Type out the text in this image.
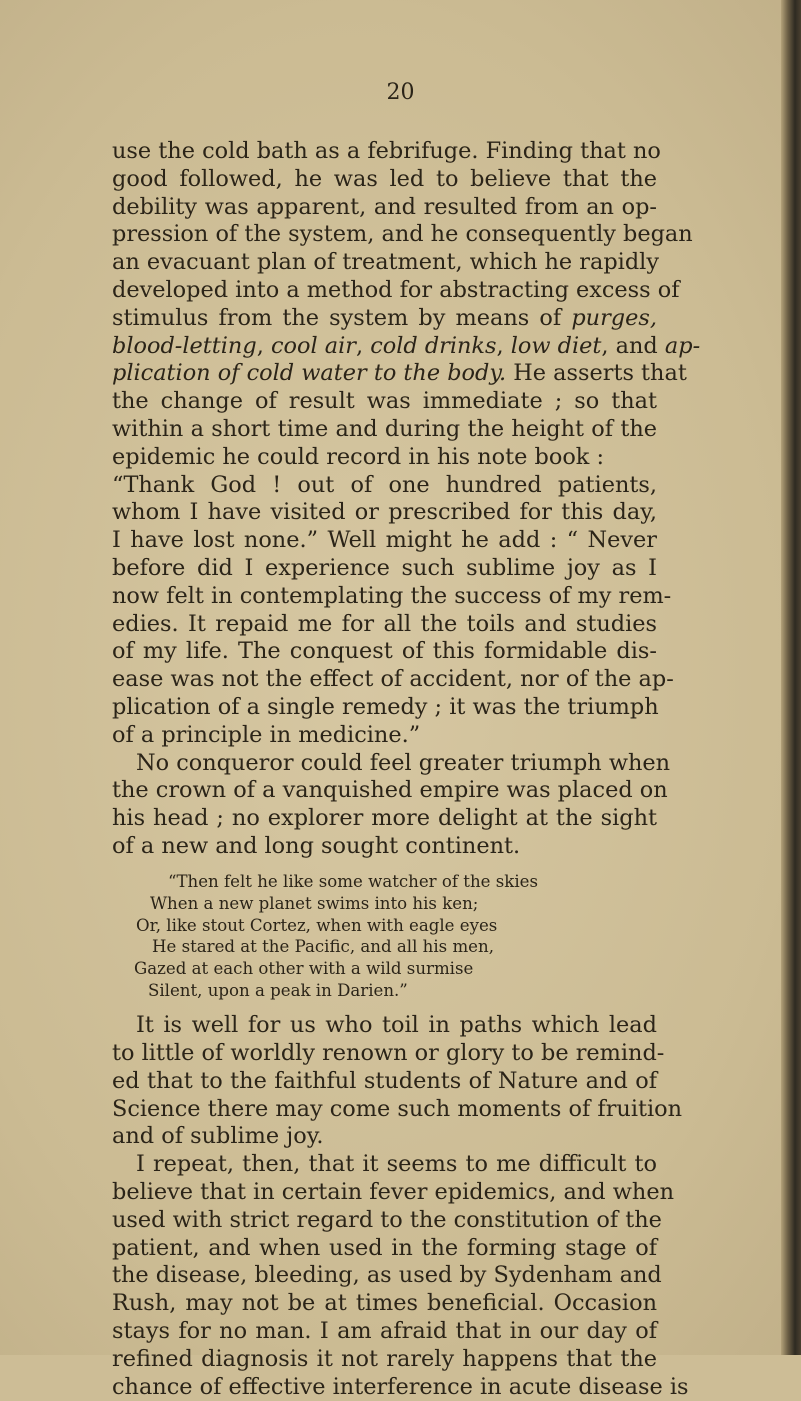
20

use the cold bath as a febrifuge. Finding that no
good followed, he was led to believe that the
debility was apparent, and resulted from an op-
pression of the system, and he consequently began
an evacuant plan of treatment, which he rapidly
developed into a method for abstracting excess of
stimulus from the system by means of purges,
blood-letting, cool air, cold drinks, low diet, and ap-
plication of cold water to the body. He asserts that
the change of result was immediate ; so that
within a short time and during the height of the
epidemic he could record in his note book :
“Thank God ! out of one hundred patients,
whom I have visited or prescribed for this day,
I have lost none.” Well might he add : “ Never
before did I experience such sublime joy as I
now felt in contemplating the success of my rem-
edies. It repaid me for all the toils and studies
of my life. The conquest of this formidable dis-
ease was not the effect of accident, nor of the ap-
plication of a single remedy ; it was the triumph
of a principle in medicine.”

No conqueror could feel greater triumph when
the crown of a vanquished empire was placed on
his head ; no explorer more delight at the sight
of a new and long sought continent.

“Then felt he like some watcher of the skies
When a new planet swims into his ken;
Or, like stout Cortez, when with eagle eyes
He stared at the Pacific, and all his men,
Gazed at each other with a wild surmise
Silent, upon a peak in Darien.”

It is well for us who toil in paths which lead
to little of worldly renown or glory to be remind-
ed that to the faithful students of Nature and of
Science there may come such moments of fruition
and of sublime joy.

I repeat, then, that it seems to me difficult to
believe that in certain fever epidemics, and when
used with strict regard to the constitution of the
patient, and when used in the forming stage of
the disease, bleeding, as used by Sydenham and
Rush, may not be at times beneficial. Occasion
stays for no man. I am afraid that in our day of
refined diagnosis it not rarely happens that the
chance of effective interference in acute disease is
